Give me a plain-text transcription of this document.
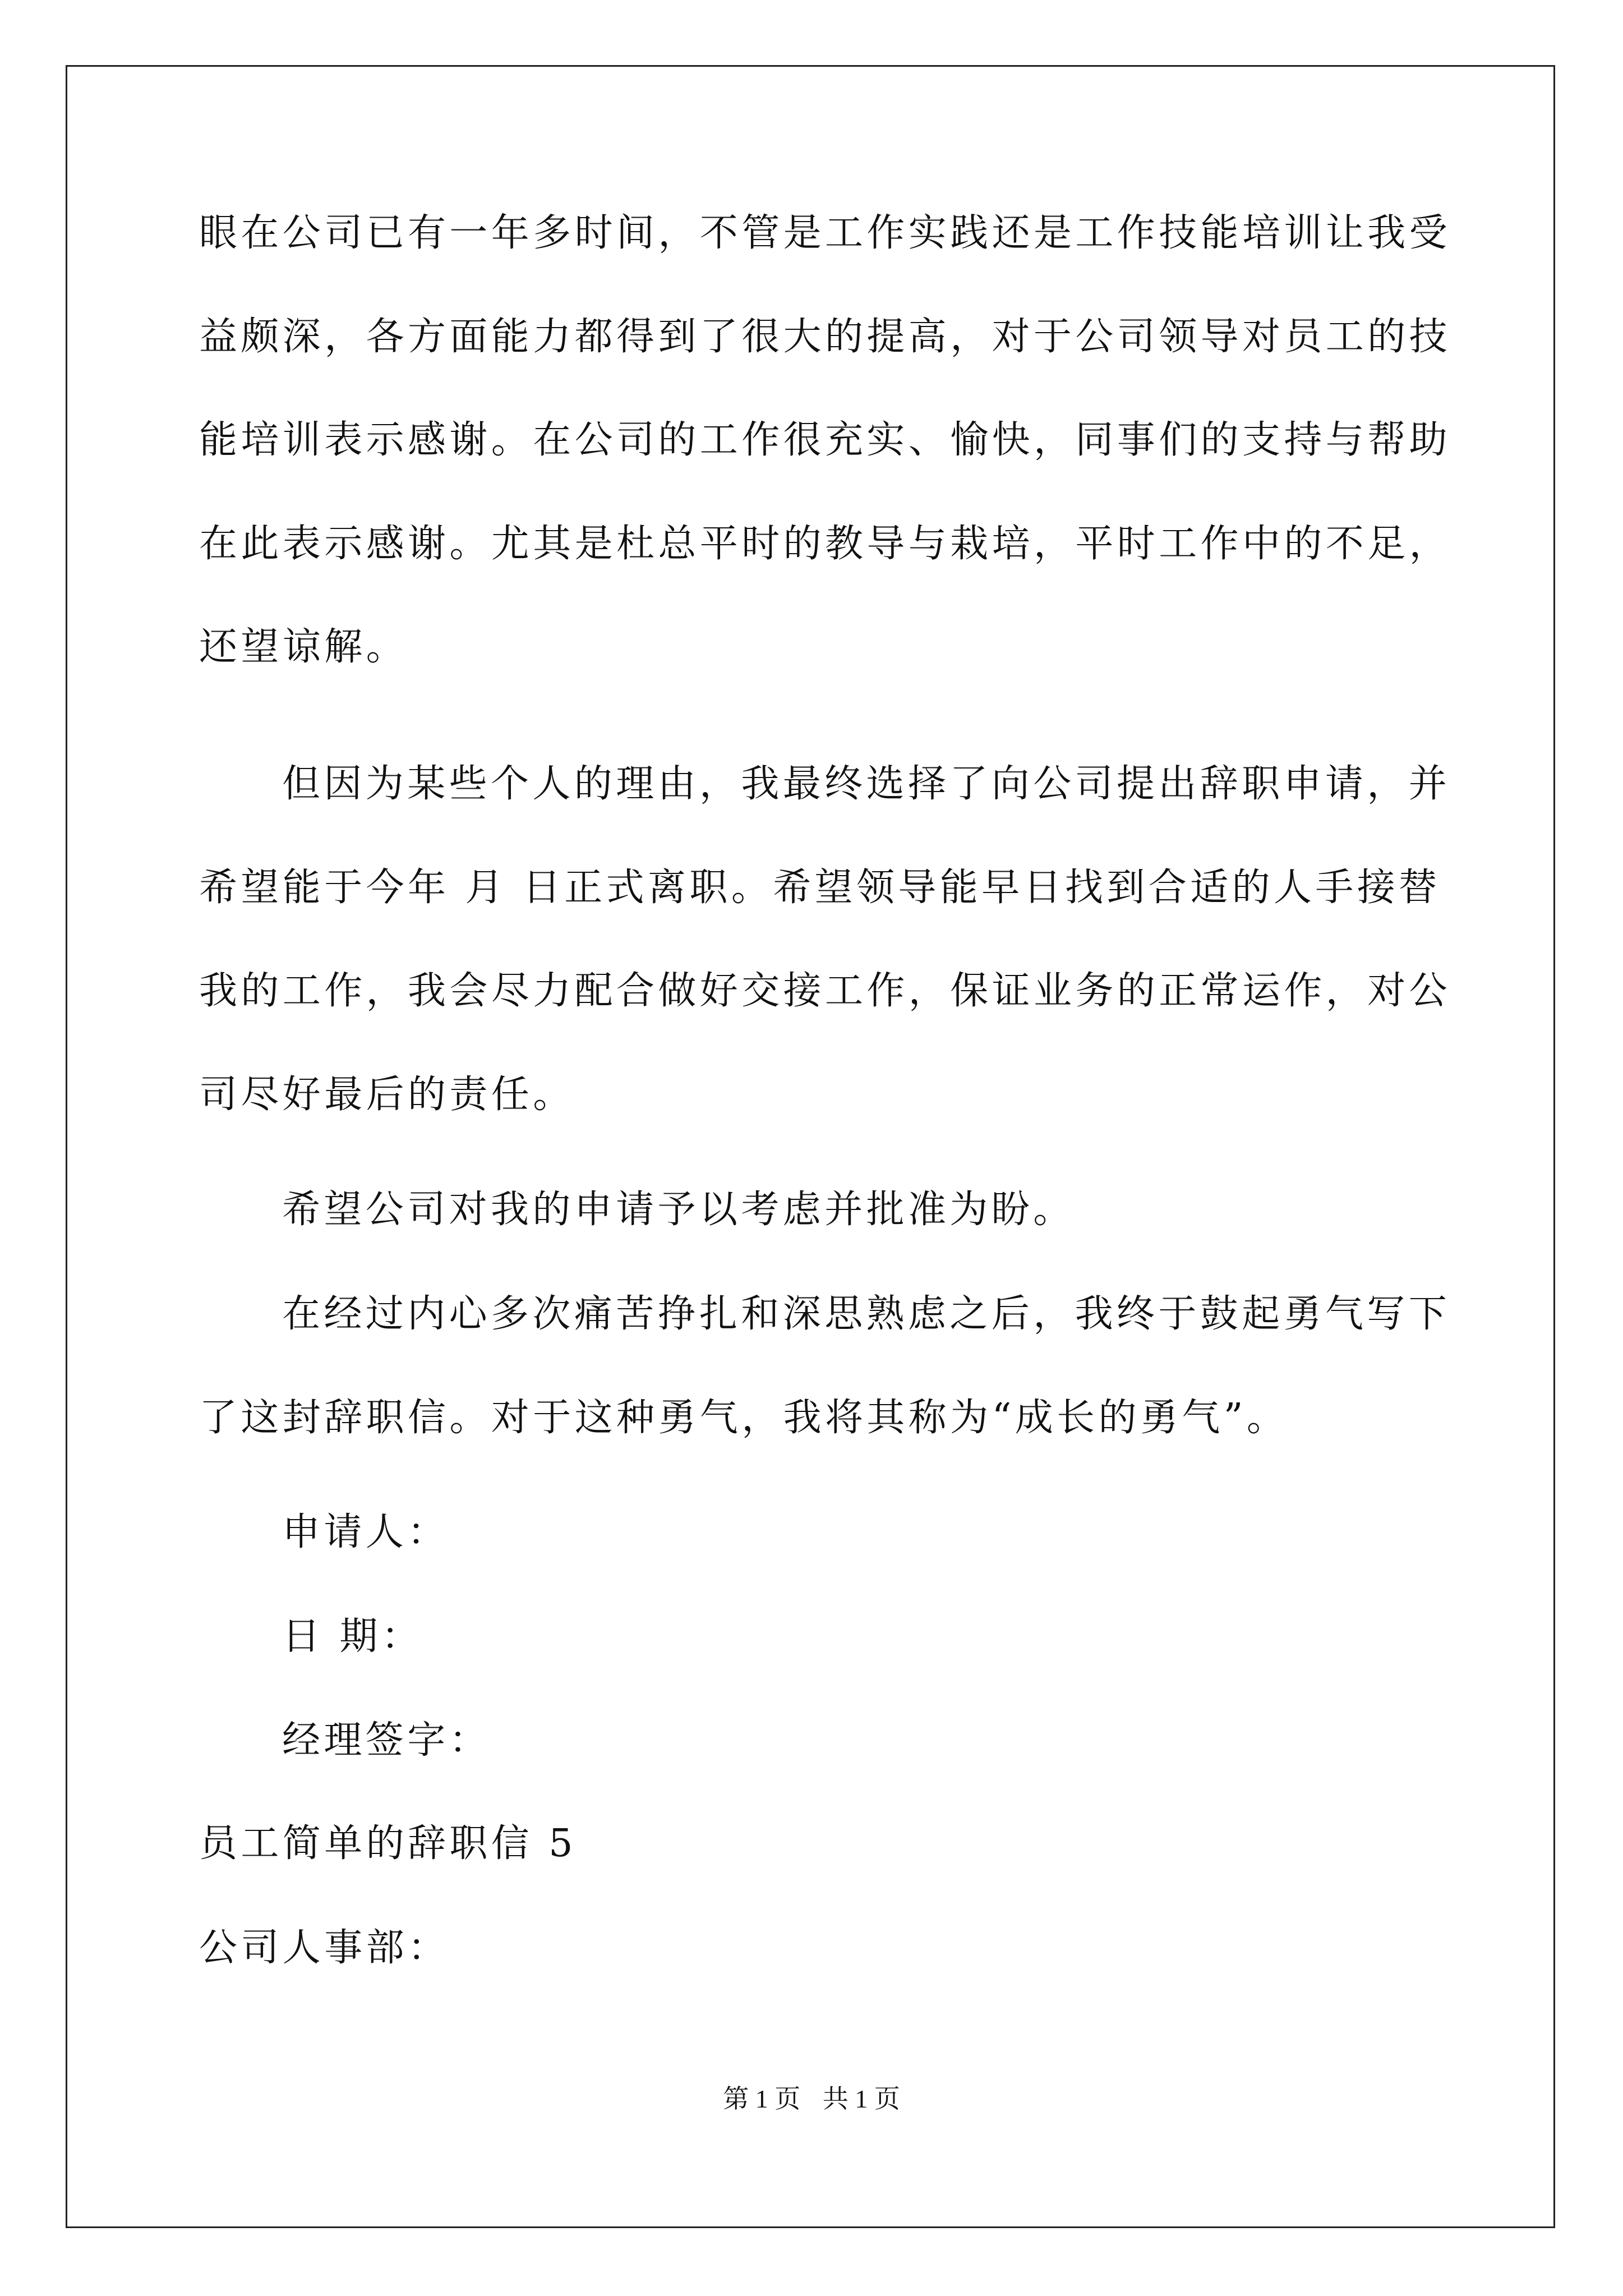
眼在公司已有一年多时间，不管是工作实践还是工作技能培训让我受
益颇深，各方面能力都得到了很大的提高，对于公司领导对员工的技
能培训表示感谢。在公司的工作很充实、愉快，同事们的支持与帮助
在此表示感谢。尤其是杜总平时的教导与栽培，平时工作中的不足，
还望谅解。
但因为某些个人的理由，我最终选择了向公司提出辞职申请，并
希望能于今年 月 日正式离职。希望领导能早日找到合适的人手接替
我的工作，我会尽力配合做好交接工作，保证业务的正常运作，对公
司尽好最后的责任。
希望公司对我的申请予以考虑并批准为盼。
在经过内心多次痛苦挣扎和深思熟虑之后，我终于鼓起勇气写下
了这封辞职信。对于这种勇气，我将其称为“成长的勇气”。
申请人：
日 期：
经理签字：
员工简单的辞职信 5
公司人事部：
第 1 页 共 1 页
